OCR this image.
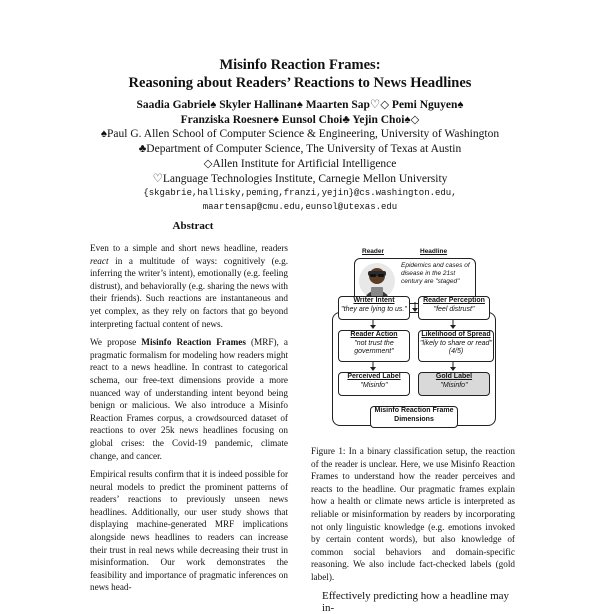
Misinfo Reaction Frames:
Reasoning about Readers’ Reactions to News Headlines
Saadia Gabriel♠ Skyler Hallinan♠ Maarten Sap♡◇ Pemi Nguyen♠
Franziska Roesner♠ Eunsol Choi♣ Yejin Choi♠◇
♠Paul G. Allen School of Computer Science & Engineering, University of Washington
♣Department of Computer Science, The University of Texas at Austin
◇Allen Institute for Artificial Intelligence
♡Language Technologies Institute, Carnegie Mellon University
{skgabrie,hallisky,peming,franzi,yejin}@cs.washington.edu,
maartensap@cmu.edu,eunsol@utexas.edu
Abstract

Even to a simple and short news headline, readers react in a multitude of ways: cognitively (e.g. inferring the writer’s intent), emotionally (e.g. feeling distrust), and behaviorally (e.g. sharing the news with their friends). Such reactions are instantaneous and yet complex, as they rely on factors that go beyond interpreting factual content of news.

We propose Misinfo Reaction Frames (MRF), a pragmatic formalism for modeling how readers might react to a news headline. In contrast to categorical schema, our free-text dimensions provide a more nuanced way of understanding intent beyond being benign or malicious. We also introduce a Misinfo Reaction Frames corpus, a crowdsourced dataset of reactions to over 25k news headlines focusing on global crises: the Covid-19 pandemic, climate change, and cancer.

Empirical results confirm that it is indeed possible for neural models to predict the prominent patterns of readers’ reactions to previously unseen news headlines. Additionally, our user study shows that displaying machine-generated MRF implications alongside news headlines to readers can increase their trust in real news while decreasing their trust in misinformation. Our work demonstrates the feasibility and importance of pragmatic inferences on news head-

Reader	Headline
Epidemics and cases of disease in the 21st century are "staged"
Writer Intent
"they are lying to us."
Reader Perception
"feel distrust"
Reader Action
"not trust the government"
Likelihood of Spread
"likely to share or read" (4/5)
Perceived Label
"Misinfo"
Gold Label
"Misinfo"
Misinfo Reaction Frame Dimensions
Figure 1: In a binary classification setup, the reaction of the reader is unclear. Here, we use Misinfo Reaction Frames to understand how the reader perceives and reacts to the headline. Our pragmatic frames explain how a health or climate news article is interpreted as reliable or misinformation by readers by incorporating not only linguistic knowledge (e.g. emotions invoked by certain content words), but also knowledge of common social behaviors and domain-specific reasoning. We also include fact-checked labels (gold label).
Effectively predicting how a headline may in-
